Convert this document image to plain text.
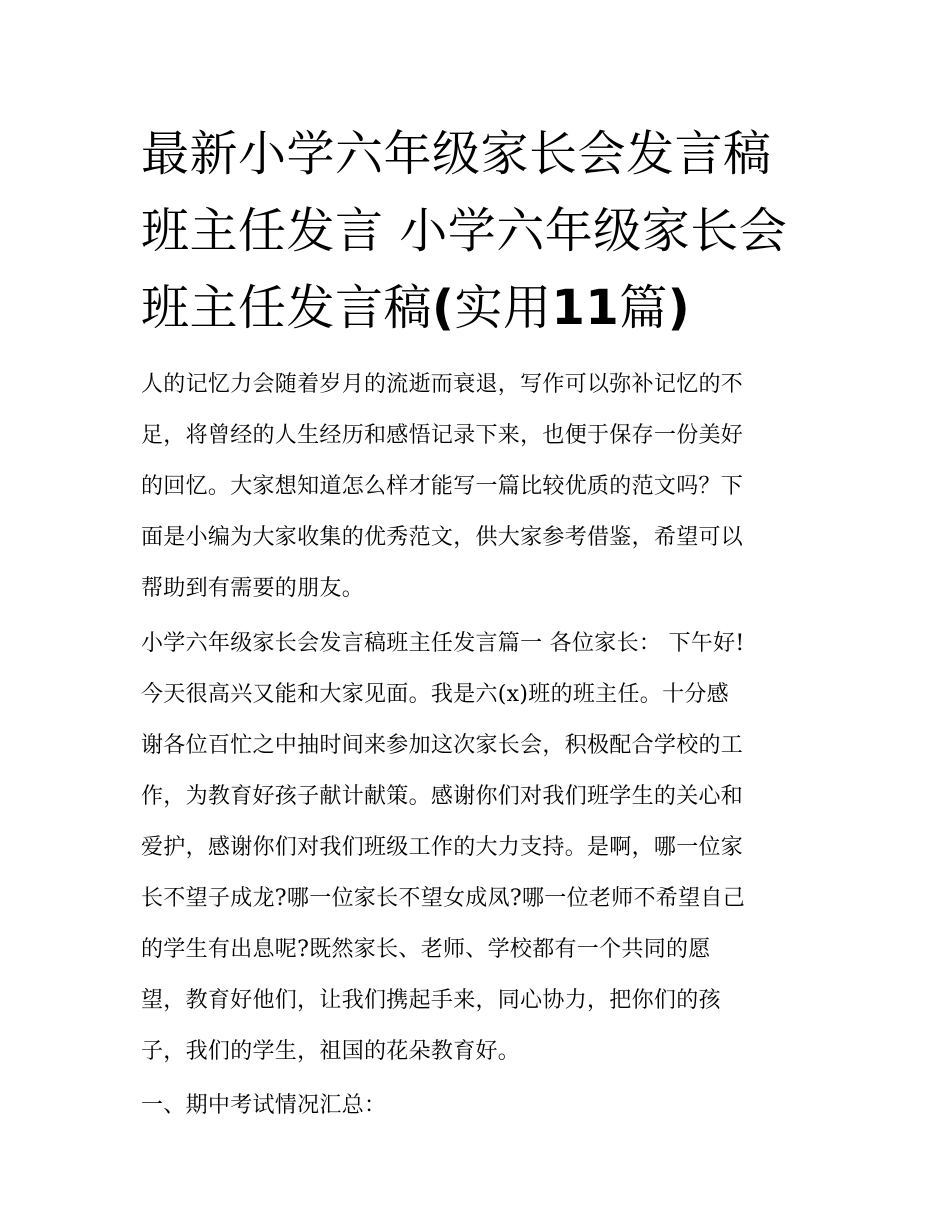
最新小学六年级家长会发言稿
班主任发言 小学六年级家长会
班主任发言稿(实用11篇)
人的记忆力会随着岁月的流逝而衰退，写作可以弥补记忆的不
足，将曾经的人生经历和感悟记录下来，也便于保存一份美好
的回忆。大家想知道怎么样才能写一篇比较优质的范文吗？下
面是小编为大家收集的优秀范文，供大家参考借鉴，希望可以
帮助到有需要的朋友。
小学六年级家长会发言稿班主任发言篇一 各位家长： 下午好!
今天很高兴又能和大家见面。我是六(x)班的班主任。十分感
谢各位百忙之中抽时间来参加这次家长会，积极配合学校的工
作，为教育好孩子献计献策。感谢你们对我们班学生的关心和
爱护，感谢你们对我们班级工作的大力支持。是啊，哪一位家
长不望子成龙?哪一位家长不望女成凤?哪一位老师不希望自己
的学生有出息呢?既然家长、老师、学校都有一个共同的愿
望，教育好他们，让我们携起手来，同心协力，把你们的孩
子，我们的学生，祖国的花朵教育好。
一、期中考试情况汇总：
